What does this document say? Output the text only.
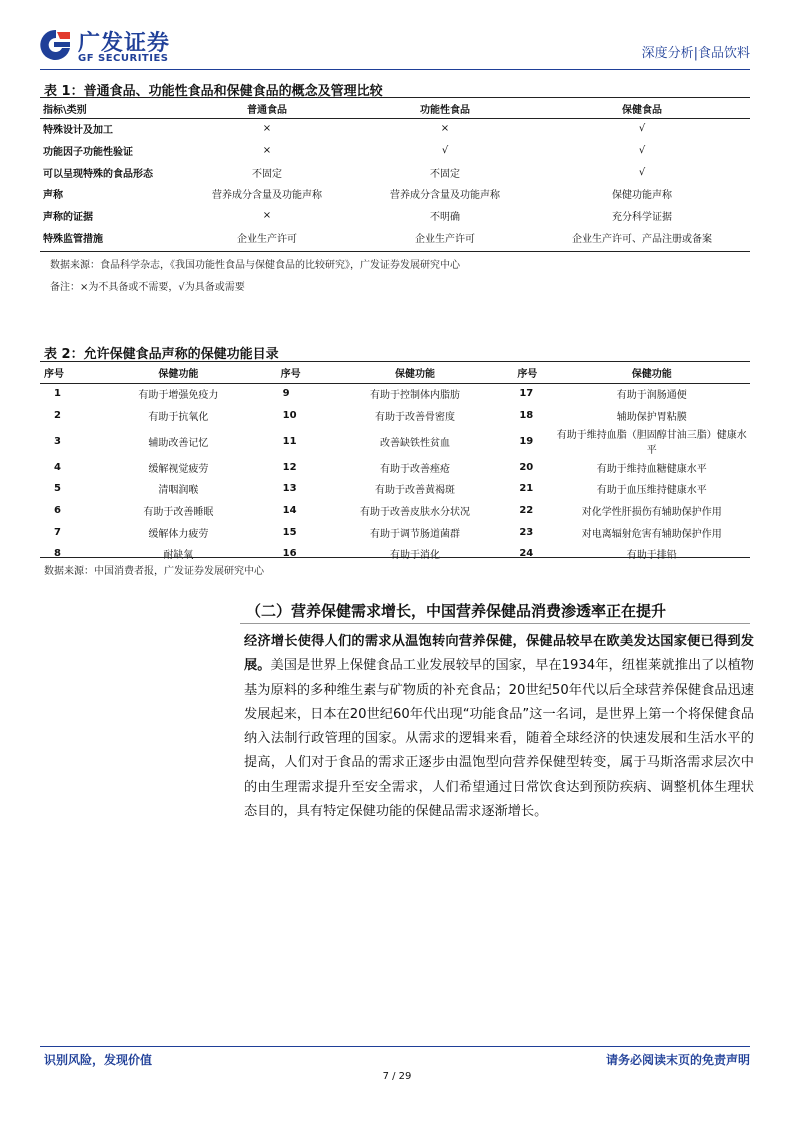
广发证券
GF SECURITIES	深度分析|食品饮料
表 1：普通食品、功能性食品和保健食品的概念及管理比较
指标\类别	普通食品	功能性食品	保健食品
特殊设计及加工	×	×	√
功能因子功能性验证	×	√	√
可以呈现特殊的食品形态	不固定	不固定	√
声称	营养成分含量及功能声称	营养成分含量及功能声称	保健功能声称
声称的证据	×	不明确	充分科学证据
特殊监管措施	企业生产许可	企业生产许可	企业生产许可、产品注册或备案
数据来源：食品科学杂志，《我国功能性食品与保健食品的比较研究》，广发证券发展研究中心
备注：×为不具备或不需要，√为具备或需要
表 2：允许保健食品声称的保健功能目录
序号	保健功能	序号	保健功能	序号	保健功能
1	有助于增强免疫力	9	有助于控制体内脂肪	17	有助于润肠通便
2	有助于抗氧化	10	有助于改善骨密度	18	辅助保护胃粘膜
3	辅助改善记忆	11	改善缺铁性贫血	19	有助于维持血脂（胆固醇甘油三脂）健康水平
4	缓解视觉疲劳	12	有助于改善痤疮	20	有助于维持血糖健康水平
5	清咽润喉	13	有助于改善黄褐斑	21	有助于血压维持健康水平
6	有助于改善睡眠	14	有助于改善皮肤水分状况	22	对化学性肝损伤有辅助保护作用
7	缓解体力疲劳	15	有助于调节肠道菌群	23	对电离辐射危害有辅助保护作用
8	耐缺氧	16	有助于消化	24	有助于排铅
数据来源：中国消费者报，广发证券发展研究中心
（二）营养保健需求增长，中国营养保健品消费渗透率正在提升
经济增长使得人们的需求从温饱转向营养保健，保健品较早在欧美发达国家便已得到发展。美国是世界上保健食品工业发展较早的国家，早在1934年，纽崔莱就推出了以植物基为原料的多种维生素与矿物质的补充食品；20世纪50年代以后全球营养保健食品迅速发展起来，日本在20世纪60年代出现“功能食品”这一名词，是世界上第一个将保健食品纳入法制行政管理的国家。从需求的逻辑来看，随着全球经济的快速发展和生活水平的提高，人们对于食品的需求正逐步由温饱型向营养保健型转变，属于马斯洛需求层次中的由生理需求提升至安全需求，人们希望通过日常饮食达到预防疾病、调整机体生理状态目的，具有特定保健功能的保健品需求逐渐增长。
识别风险，发现价值	请务必阅读末页的免责声明
7 / 29
